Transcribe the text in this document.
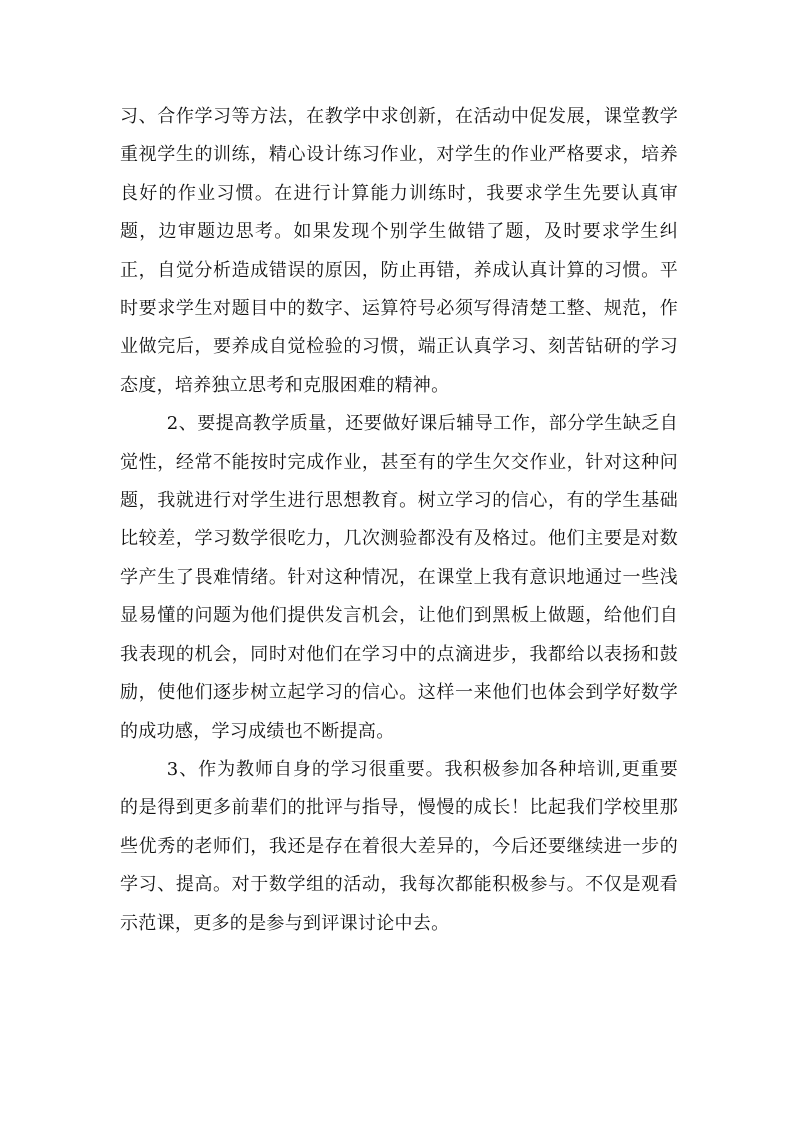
习、合作学习等方法，在教学中求创新，在活动中促发展，课堂教学重视学生的训练，精心设计练习作业，对学生的作业严格要求，培养良好的作业习惯。在进行计算能力训练时，我要求学生先要认真审题，边审题边思考。如果发现个别学生做错了题，及时要求学生纠正，自觉分析造成错误的原因，防止再错，养成认真计算的习惯。平时要求学生对题目中的数字、运算符号必须写得清楚工整、规范，作业做完后，要养成自觉检验的习惯，端正认真学习、刻苦钻研的学习态度，培养独立思考和克服困难的精神。

2、要提高教学质量，还要做好课后辅导工作，部分学生缺乏自觉性，经常不能按时完成作业，甚至有的学生欠交作业，针对这种问题，我就进行对学生进行思想教育。树立学习的信心，有的学生基础比较差，学习数学很吃力，几次测验都没有及格过。他们主要是对数学产生了畏难情绪。针对这种情况，在课堂上我有意识地通过一些浅显易懂的问题为他们提供发言机会，让他们到黑板上做题，给他们自我表现的机会，同时对他们在学习中的点滴进步，我都给以表扬和鼓励，使他们逐步树立起学习的信心。这样一来他们也体会到学好数学的成功感，学习成绩也不断提高。

3、作为教师自身的学习很重要。我积极参加各种培训,更重要的是得到更多前辈们的批评与指导，慢慢的成长！比起我们学校里那些优秀的老师们，我还是存在着很大差异的，今后还要继续进一步的学习、提高。对于数学组的活动，我每次都能积极参与。不仅是观看示范课，更多的是参与到评课讨论中去。
